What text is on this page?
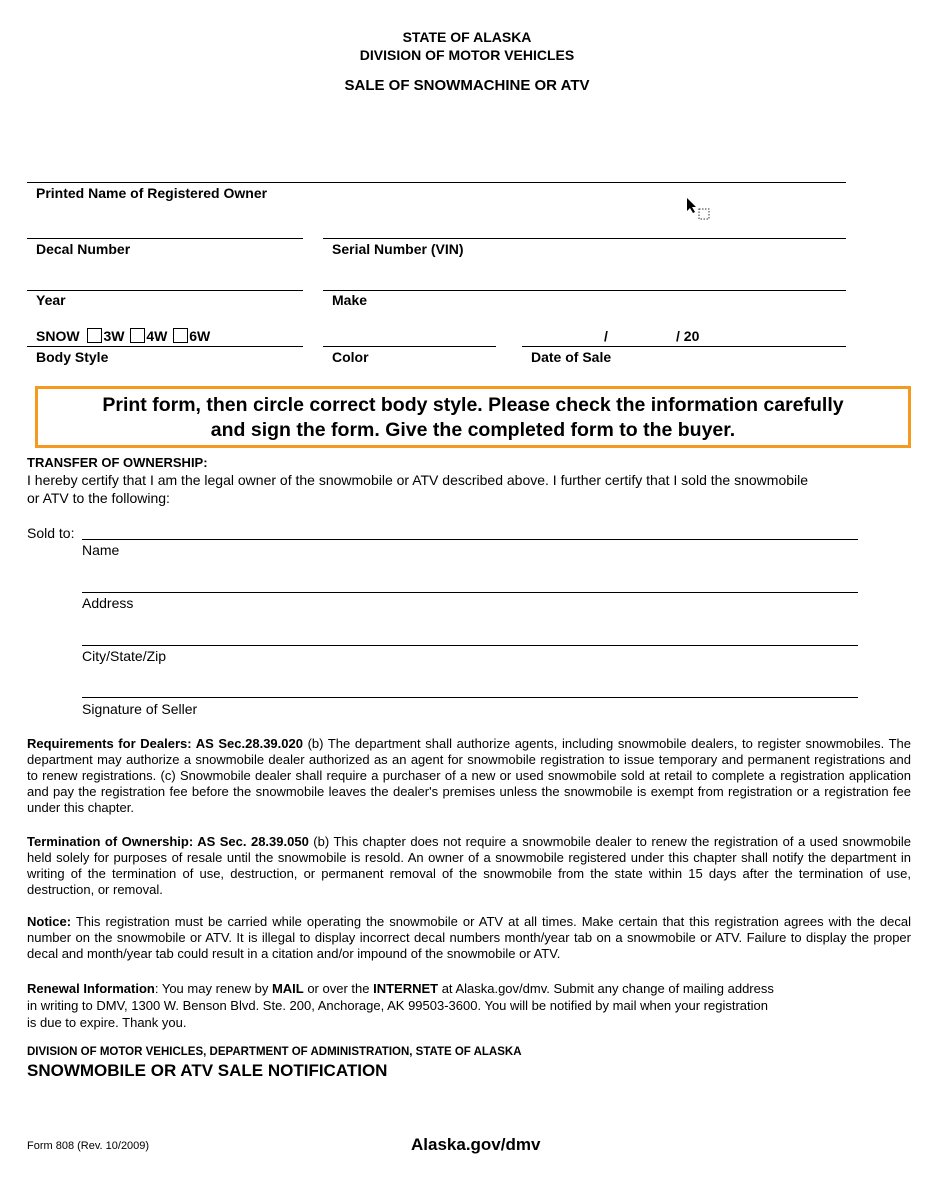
STATE OF ALASKA
DIVISION OF MOTOR VEHICLES
SALE OF SNOWMACHINE OR ATV
Printed Name of Registered Owner
Decal Number	Serial Number (VIN)
Year	Make
SNOW 3W 4W 6W	/	/ 20
Body Style	Color	Date of Sale
Print form, then circle correct body style. Please check the information carefully
and sign the form. Give the completed form to the buyer.
TRANSFER OF OWNERSHIP:
I hereby certify that I am the legal owner of the snowmobile or ATV described above. I further certify that I sold the snowmobile
or ATV to the following:
Sold to:
Name
Address
City/State/Zip
Signature of Seller
Requirements for Dealers: AS Sec.28.39.020 (b) The department shall authorize agents, including snowmobile dealers, to register snowmobiles. The department may authorize a snowmobile dealer authorized as an agent for snowmobile registration to issue temporary and permanent registrations and to renew registrations. (c) Snowmobile dealer shall require a purchaser of a new or used snowmobile sold at retail to complete a registration application and pay the registration fee before the snowmobile leaves the dealer's premises unless the snowmobile is exempt from registration or a registration fee under this chapter.
Termination of Ownership: AS Sec. 28.39.050 (b) This chapter does not require a snowmobile dealer to renew the registration of a used snowmobile held solely for purposes of resale until the snowmobile is resold. An owner of a snowmobile registered under this chapter shall notify the department in writing of the termination of use, destruction, or permanent removal of the snowmobile from the state within 15 days after the termination of use, destruction, or removal.
Notice: This registration must be carried while operating the snowmobile or ATV at all times. Make certain that this registration agrees with the decal number on the snowmobile or ATV. It is illegal to display incorrect decal numbers month/year tab on a snowmobile or ATV. Failure to display the proper decal and month/year tab could result in a citation and/or impound of the snowmobile or ATV.
Renewal Information: You may renew by MAIL or over the INTERNET at Alaska.gov/dmv. Submit any change of mailing address
in writing to DMV, 1300 W. Benson Blvd. Ste. 200, Anchorage, AK 99503-3600. You will be notified by mail when your registration
is due to expire. Thank you.
DIVISION OF MOTOR VEHICLES, DEPARTMENT OF ADMINISTRATION, STATE OF ALASKA
SNOWMOBILE OR ATV SALE NOTIFICATION
Form 808 (Rev. 10/2009)	Alaska.gov/dmv
